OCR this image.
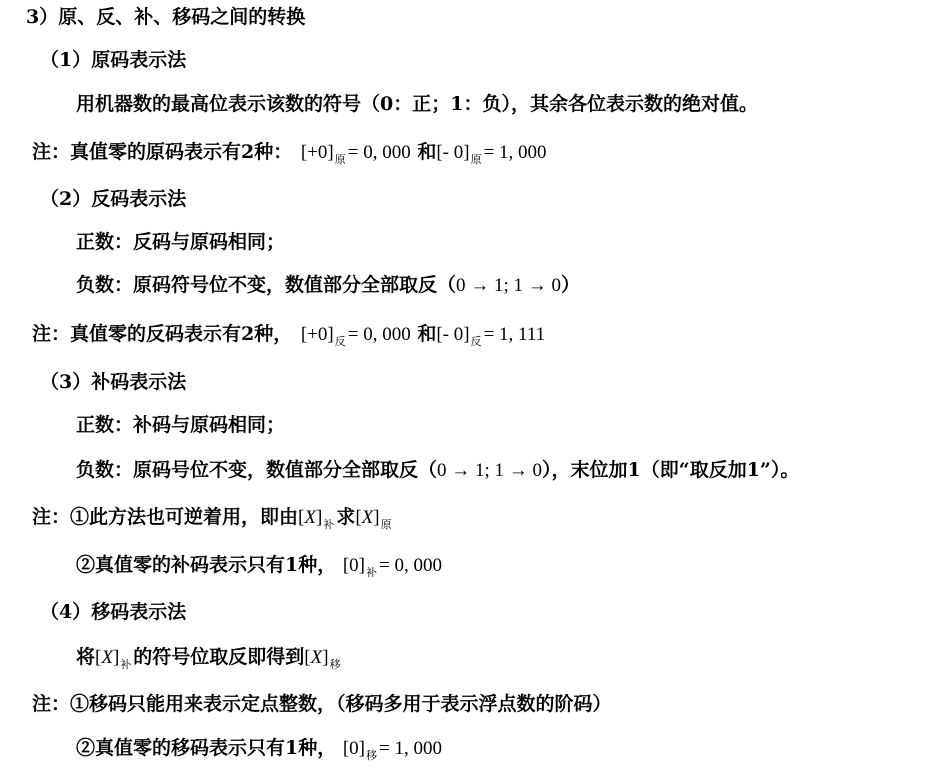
3）原、反、补、移码之间的转换
（1）原码表示法
用机器数的最高位表示该数的符号（0：正；1：负），其余各位表示数的绝对值。
注：真值零的原码表示有2种： $[+0]_原 = 0$, 000 和[- $0]_原 = 1$, 000
（2）反码表示法
正数：反码与原码相同；
负数：原码符号位不变，数值部分全部取反（0 → 1; 1 → 0）
注：真值零的反码表示有2种， $[+0]_反 = 0$, 000 和[- $0]_反 = 1$, 111
（3）补码表示法
正数：补码与原码相同；
负数：原码号位不变，数值部分全部取反（0 → 1; 1 → 0），末位加1（即“取反加1”）。
注：①此方法也可逆着用，即由$[X]_补$ 求$[X]_原$
②真值零的补码表示只有1种， $[0]_补 = 0$, 000
（4）移码表示法
将$[X]_补$ 的符号位取反即得到$[X]_移$
注：①移码只能用来表示定点整数，（移码多用于表示浮点数的阶码）
②真值零的移码表示只有1种， $[0]_移 = 1$, 000
